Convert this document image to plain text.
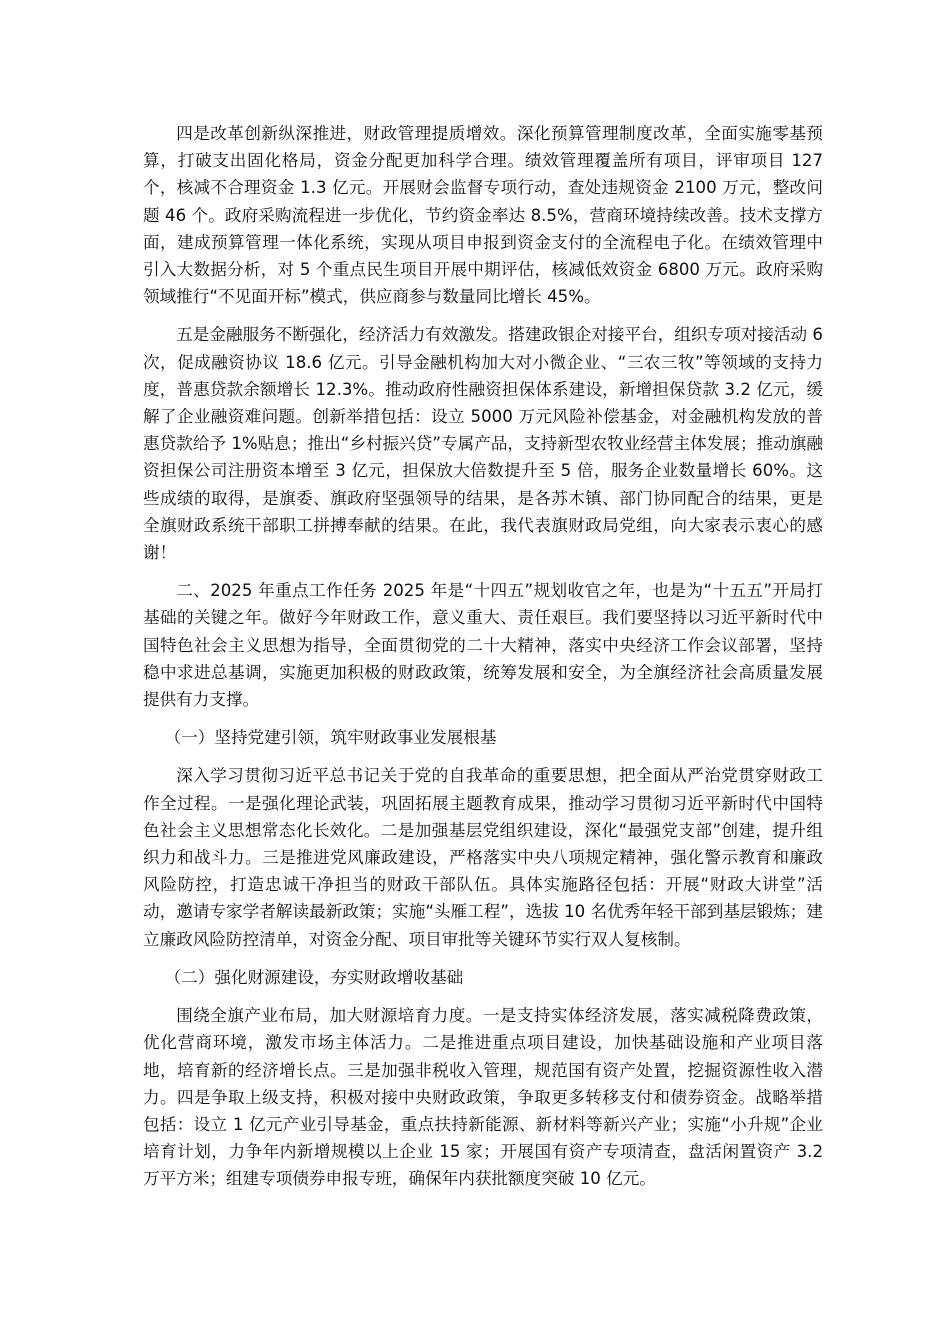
四是改革创新纵深推进，财政管理提质增效。深化预算管理制度改革，全面实施零基预算，打破支出固化格局，资金分配更加科学合理。绩效管理覆盖所有项目，评审项目 127 个，核减不合理资金 1.3 亿元。开展财会监督专项行动，查处违规资金 2100 万元，整改问题 46 个。政府采购流程进一步优化，节约资金率达 8.5%，营商环境持续改善。技术支撑方面，建成预算管理一体化系统，实现从项目申报到资金支付的全流程电子化。在绩效管理中引入大数据分析，对 5 个重点民生项目开展中期评估，核减低效资金 6800 万元。政府采购领域推行“不见面开标”模式，供应商参与数量同比增长 45%。

五是金融服务不断强化，经济活力有效激发。搭建政银企对接平台，组织专项对接活动 6 次，促成融资协议 18.6 亿元。引导金融机构加大对小微企业、“三农三牧”等领域的支持力度，普惠贷款余额增长 12.3%。推动政府性融资担保体系建设，新增担保贷款 3.2 亿元，缓解了企业融资难问题。创新举措包括：设立 5000 万元风险补偿基金，对金融机构发放的普惠贷款给予 1%贴息；推出“乡村振兴贷”专属产品，支持新型农牧业经营主体发展；推动旗融资担保公司注册资本增至 3 亿元，担保放大倍数提升至 5 倍，服务企业数量增长 60%。这些成绩的取得，是旗委、旗政府坚强领导的结果，是各苏木镇、部门协同配合的结果，更是全旗财政系统干部职工拼搏奉献的结果。在此，我代表旗财政局党组，向大家表示衷心的感谢！

二、2025 年重点工作任务 2025 年是“十四五”规划收官之年，也是为“十五五”开局打基础的关键之年。做好今年财政工作，意义重大、责任艰巨。我们要坚持以习近平新时代中国特色社会主义思想为指导，全面贯彻党的二十大精神，落实中央经济工作会议部署，坚持稳中求进总基调，实施更加积极的财政政策，统筹发展和安全，为全旗经济社会高质量发展提供有力支撑。

（一）坚持党建引领，筑牢财政事业发展根基

深入学习贯彻习近平总书记关于党的自我革命的重要思想，把全面从严治党贯穿财政工作全过程。一是强化理论武装，巩固拓展主题教育成果，推动学习贯彻习近平新时代中国特色社会主义思想常态化长效化。二是加强基层党组织建设，深化“最强党支部”创建，提升组织力和战斗力。三是推进党风廉政建设，严格落实中央八项规定精神，强化警示教育和廉政风险防控，打造忠诚干净担当的财政干部队伍。具体实施路径包括：开展“财政大讲堂”活动，邀请专家学者解读最新政策；实施“头雁工程”，选拔 10 名优秀年轻干部到基层锻炼；建立廉政风险防控清单，对资金分配、项目审批等关键环节实行双人复核制。

（二）强化财源建设，夯实财政增收基础

围绕全旗产业布局，加大财源培育力度。一是支持实体经济发展，落实减税降费政策，优化营商环境，激发市场主体活力。二是推进重点项目建设，加快基础设施和产业项目落地，培育新的经济增长点。三是加强非税收入管理，规范国有资产处置，挖掘资源性收入潜力。四是争取上级支持，积极对接中央财政政策，争取更多转移支付和债券资金。战略举措包括：设立 1 亿元产业引导基金，重点扶持新能源、新材料等新兴产业；实施“小升规”企业培育计划，力争年内新增规模以上企业 15 家；开展国有资产专项清查，盘活闲置资产 3.2 万平方米；组建专项债券申报专班，确保年内获批额度突破 10 亿元。
